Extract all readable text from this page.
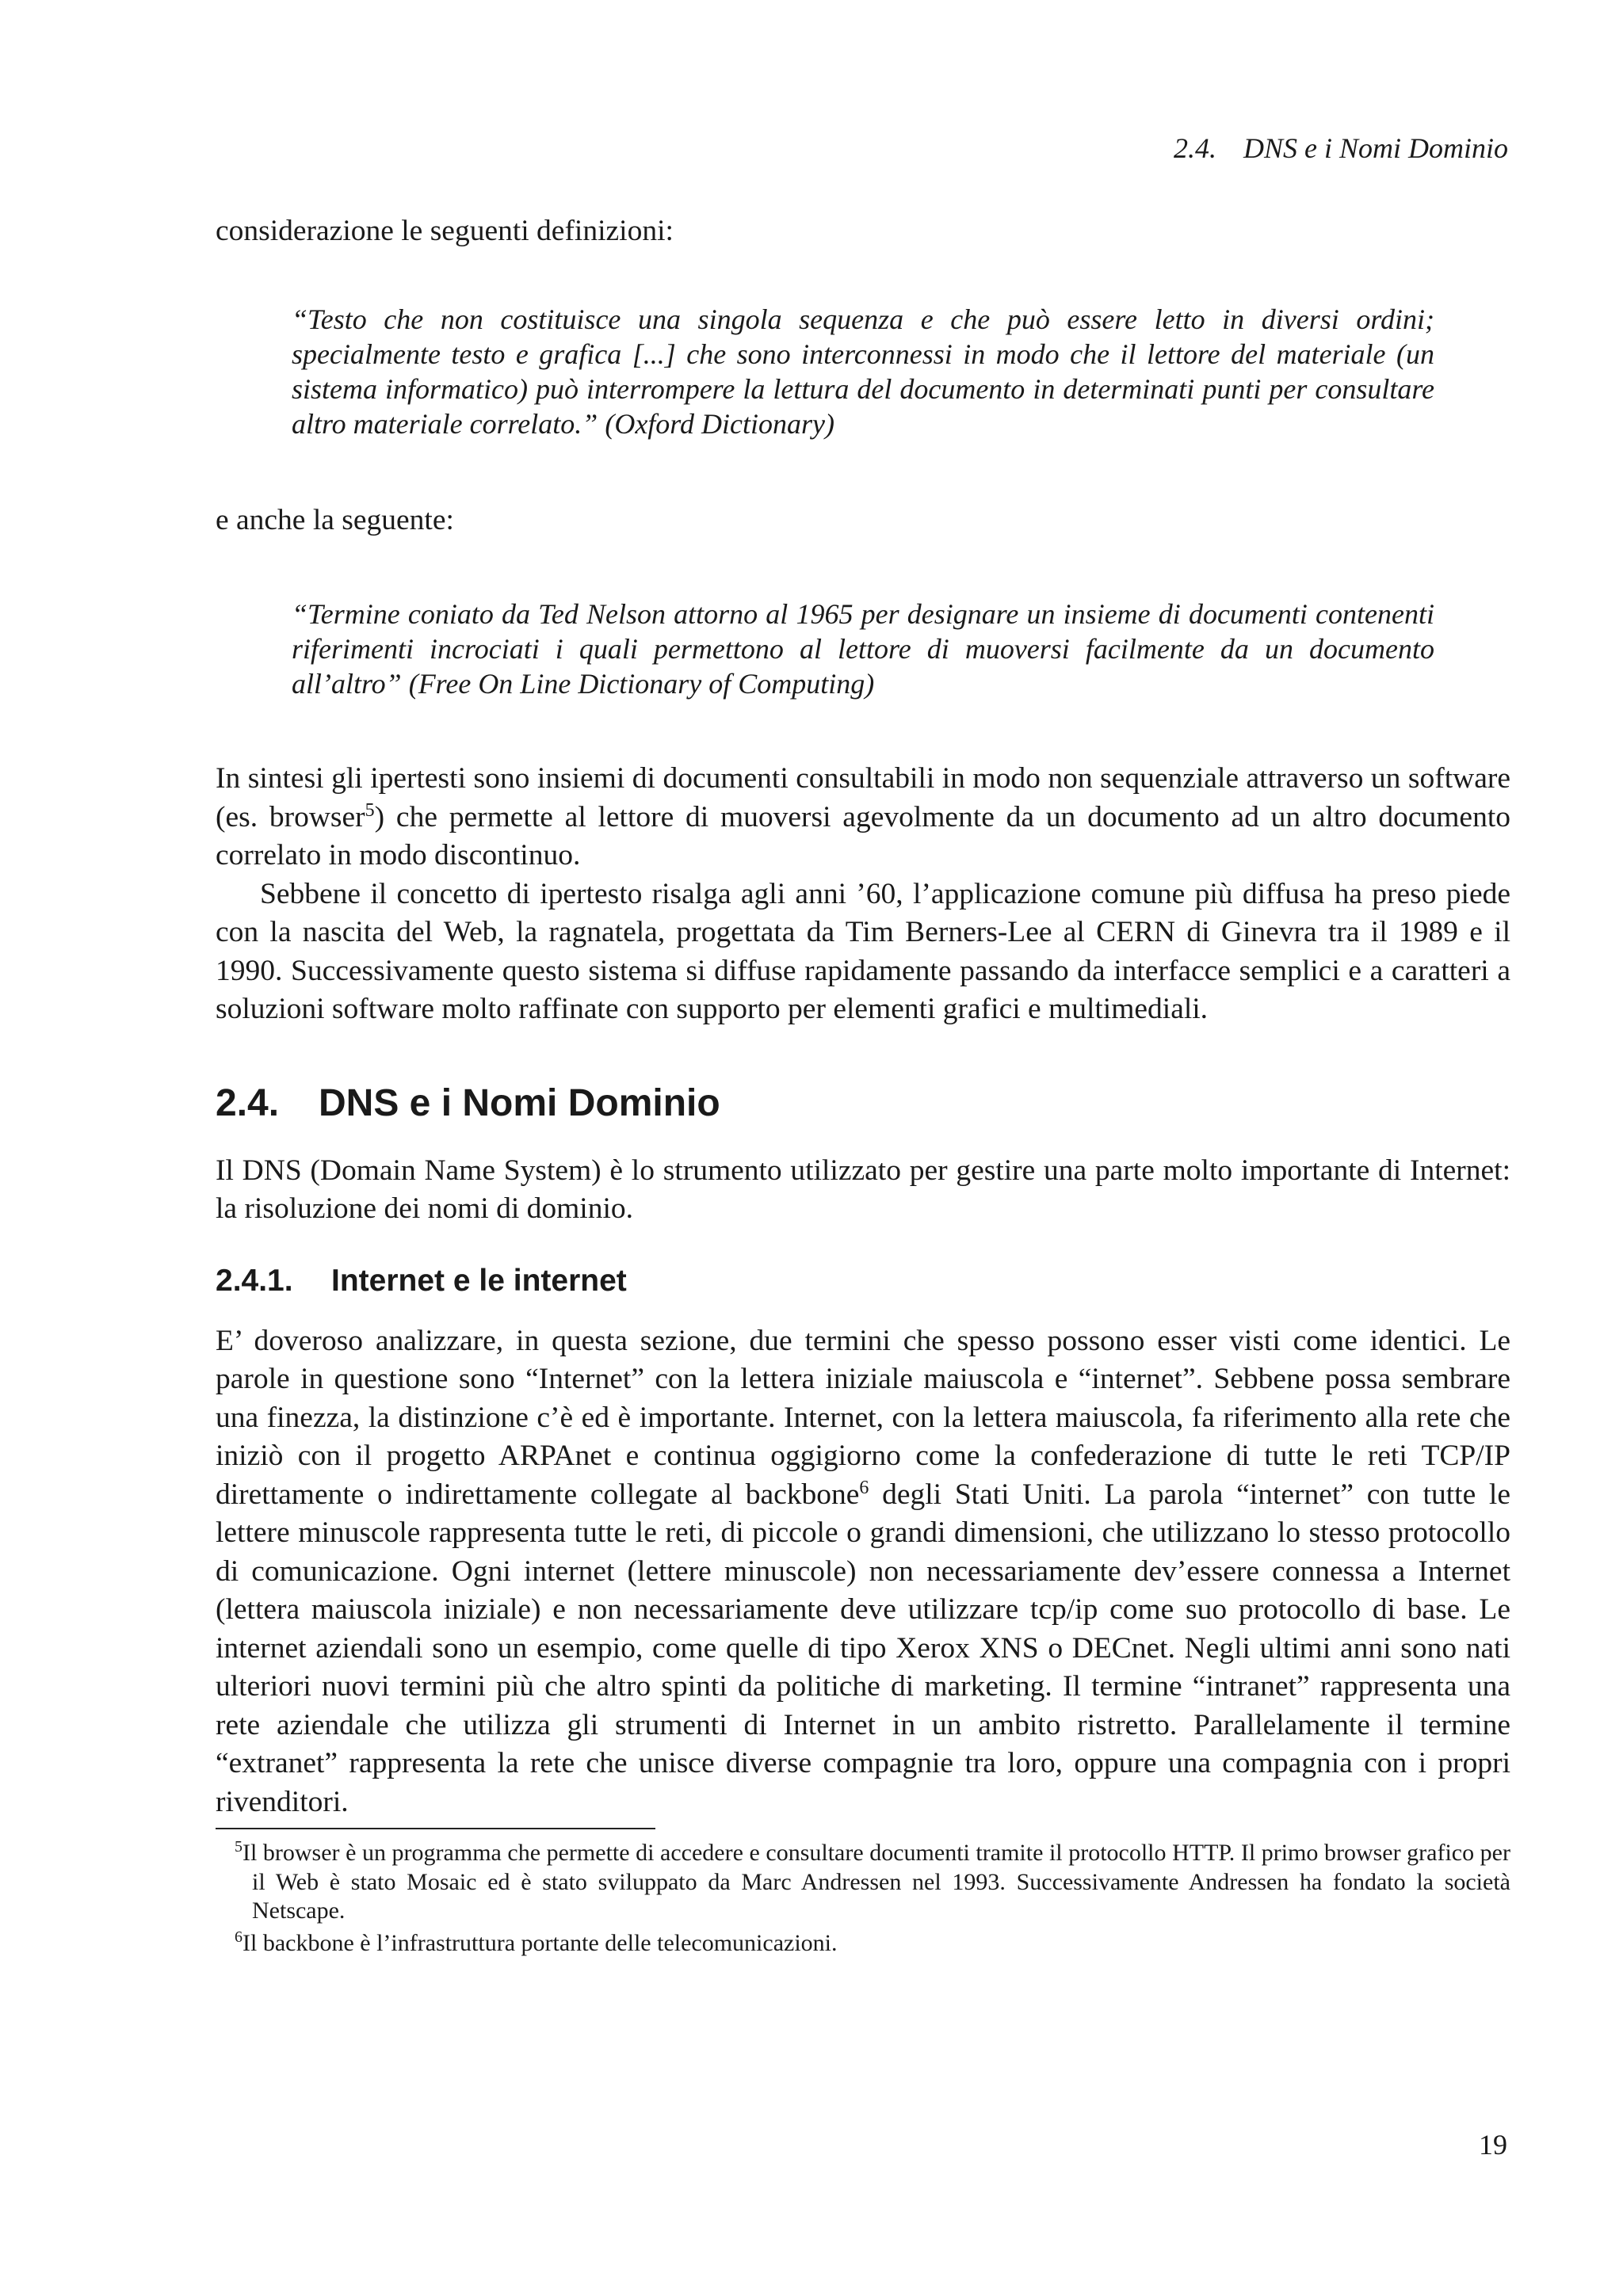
2.4. DNS e i Nomi Dominio

considerazione le seguenti definizioni:

“Testo che non costituisce una singola sequenza e che può essere letto in diversi ordini; specialmente testo e grafica [...] che sono interconnessi in modo che il lettore del materiale (un sistema informatico) può interrompere la lettura del documento in determinati punti per consultare altro materiale correlato.” (Oxford Dictionary)

e anche la seguente:

“Termine coniato da Ted Nelson attorno al 1965 per designare un insieme di documenti contenenti riferimenti incrociati i quali permettono al lettore di muoversi facilmente da un documento all’altro” (Free On Line Dictionary of Computing)

In sintesi gli ipertesti sono insiemi di documenti consultabili in modo non sequenziale attraverso un software (es. browser$^5$) che permette al lettore di muoversi agevolmente da un documento ad un altro documento correlato in modo discontinuo.

Sebbene il concetto di ipertesto risalga agli anni ’60, l’applicazione comune più diffusa ha preso piede con la nascita del Web, la ragnatela, progettata da Tim Berners-Lee al CERN di Ginevra tra il 1989 e il 1990. Successivamente questo sistema si diffuse rapidamente passando da interfacce semplici e a caratteri a soluzioni software molto raffinate con supporto per elementi grafici e multimediali.

2.4. DNS e i Nomi Dominio

Il DNS (Domain Name System) è lo strumento utilizzato per gestire una parte molto importante di Internet: la risoluzione dei nomi di dominio.

2.4.1. Internet e le internet

E’ doveroso analizzare, in questa sezione, due termini che spesso possono esser visti come identici. Le parole in questione sono “Internet” con la lettera iniziale maiuscola e “internet”. Sebbene possa sembrare una finezza, la distinzione c’è ed è importante. Internet, con la lettera maiuscola, fa riferimento alla rete che iniziò con il progetto ARPAnet e continua oggigiorno come la confederazione di tutte le reti TCP/IP direttamente o indirettamente collegate al backbone$^6$ degli Stati Uniti. La parola “internet” con tutte le lettere minuscole rappresenta tutte le reti, di piccole o grandi dimensioni, che utilizzano lo stesso protocollo di comunicazione. Ogni internet (lettere minuscole) non necessariamente dev’essere connessa a Internet (lettera maiuscola iniziale) e non necessariamente deve utilizzare tcp/ip come suo protocollo di base. Le internet aziendali sono un esempio, come quelle di tipo Xerox XNS o DECnet. Negli ultimi anni sono nati ulteriori nuovi termini più che altro spinti da politiche di marketing. Il termine “intranet” rappresenta una rete aziendale che utilizza gli strumenti di Internet in un ambito ristretto. Parallelamente il termine “extranet” rappresenta la rete che unisce diverse compagnie tra loro, oppure una compagnia con i propri rivenditori.

$^5$Il browser è un programma che permette di accedere e consultare documenti tramite il protocollo HTTP. Il primo browser grafico per il Web è stato Mosaic ed è stato sviluppato da Marc Andressen nel 1993. Successivamente Andressen ha fondato la società Netscape.

$^6$Il backbone è l’infrastruttura portante delle telecomunicazioni.

19
